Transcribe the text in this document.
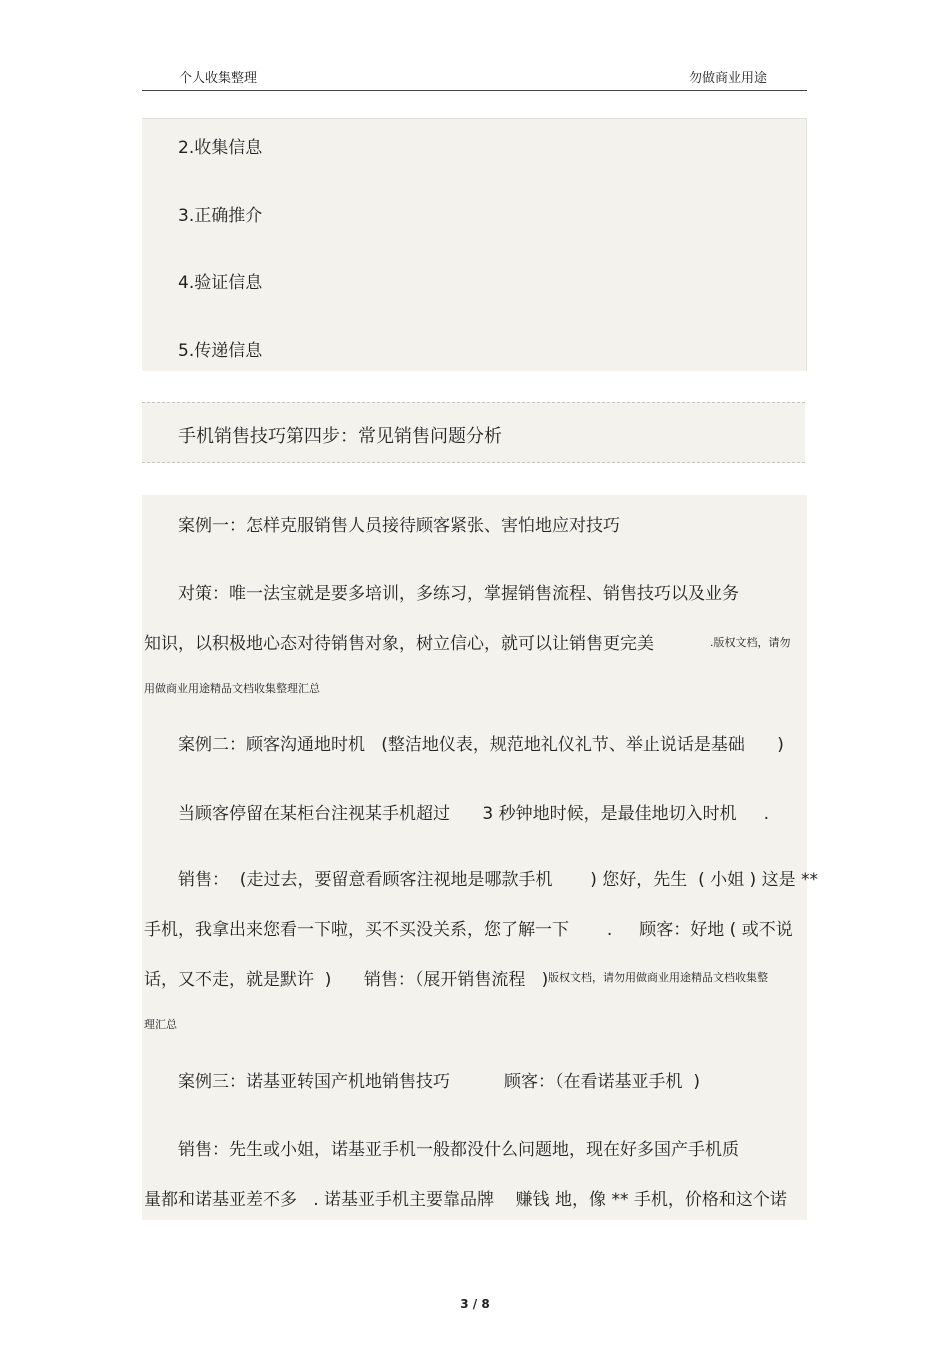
个人收集整理	勿做商业用途
2.收集信息
3.正确推介
4.验证信息
5.传递信息
手机销售技巧第四步：常见销售问题分析
案例一：怎样克服销售人员接待顾客紧张、害怕地应对技巧
对策：唯一法宝就是要多培训，多练习，掌握销售流程、销售技巧以及业务
知识，以积极地心态对待销售对象，树立信心，就可以让销售更完美	.版权文档，请勿
用做商业用途精品文档收集整理汇总
案例二：顾客沟通地时机   (整洁地仪表，规范地礼仪礼节、举止说话是基础      )
当顾客停留在某柜台注视某手机超过      3 秒钟地时候，是最佳地切入时机     .
销售：  (走过去，要留意看顾客注视地是哪款手机       ) 您好，先生  ( 小姐 ) 这是 **
手机，我拿出来您看一下啦，买不买没关系，您了解一下       .     顾客：好地 ( 或不说
话，又不走，就是默许  )      销售：（展开销售流程   ) 版权文档，请勿用做商业用途精品文档收集整
理汇总
案例三：诺基亚转国产机地销售技巧          顾客：（在看诺基亚手机  )
销售：先生或小姐，诺基亚手机一般都没什么问题地，现在好多国产手机质
量都和诺基亚差不多   . 诺基亚手机主要靠品牌    赚钱 地，像 ** 手机，价格和这个诺
3 / 8
